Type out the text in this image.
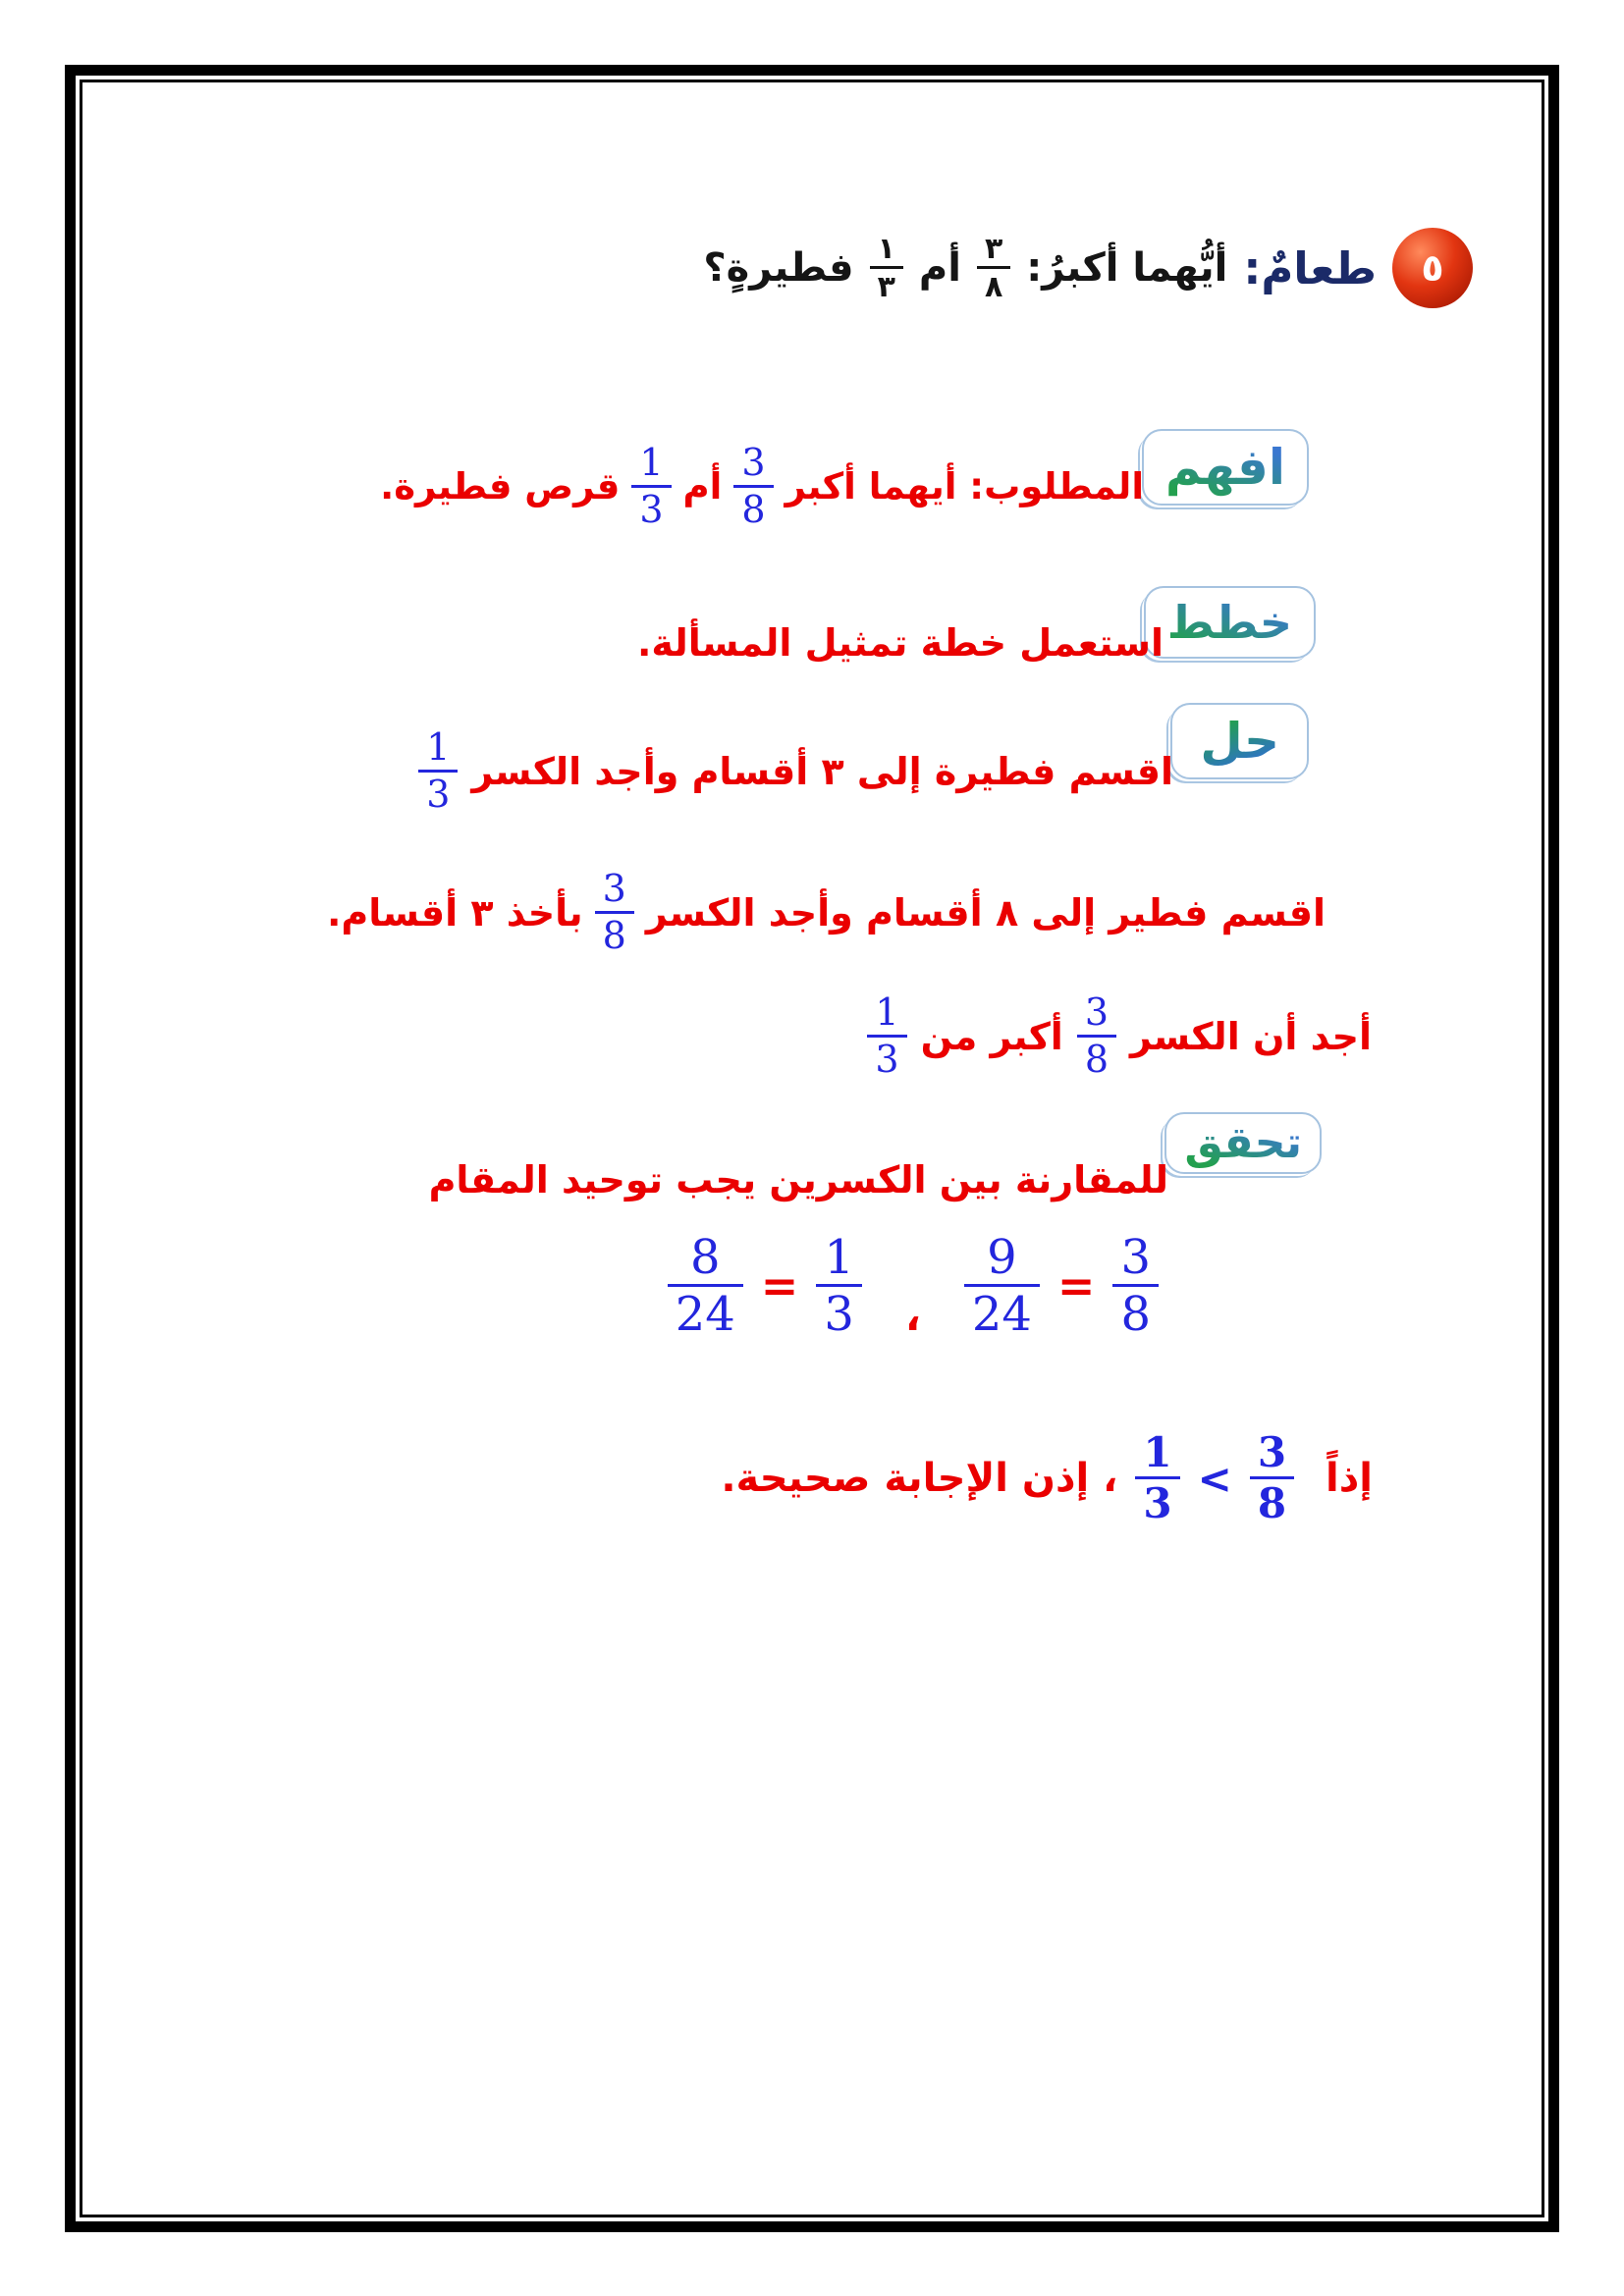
٥
طعامٌ:
أيُّهما أكبرُ:
$\frac{٣}{٨}$
أم
$\frac{١}{٣}$
فطيرةٍ؟
افهم
المطلوب: أيهما أكبر
$\frac{3}{8}$
أم
$\frac{1}{3}$
قرص فطيرة.
خطط
استعمل خطة تمثيل المسألة.
حل
اقسم فطيرة إلى ٣ أقسام وأجد الكسر
$\frac{1}{3}$
اقسم فطير إلى ٨ أقسام وأجد الكسر
$\frac{3}{8}$
بأخذ ٣ أقسام.
أجد أن الكسر
$\frac{3}{8}$
أكبر من
$\frac{1}{3}$
تحقق
للمقارنة بين الكسرين يجب توحيد المقام
$\frac{9}{24} = \frac{3}{8}$
،
$\frac{8}{24} = \frac{1}{3}$
إذاً
$\frac{3}{8}$
<
$\frac{1}{3}$
، إذن الإجابة صحيحة.
